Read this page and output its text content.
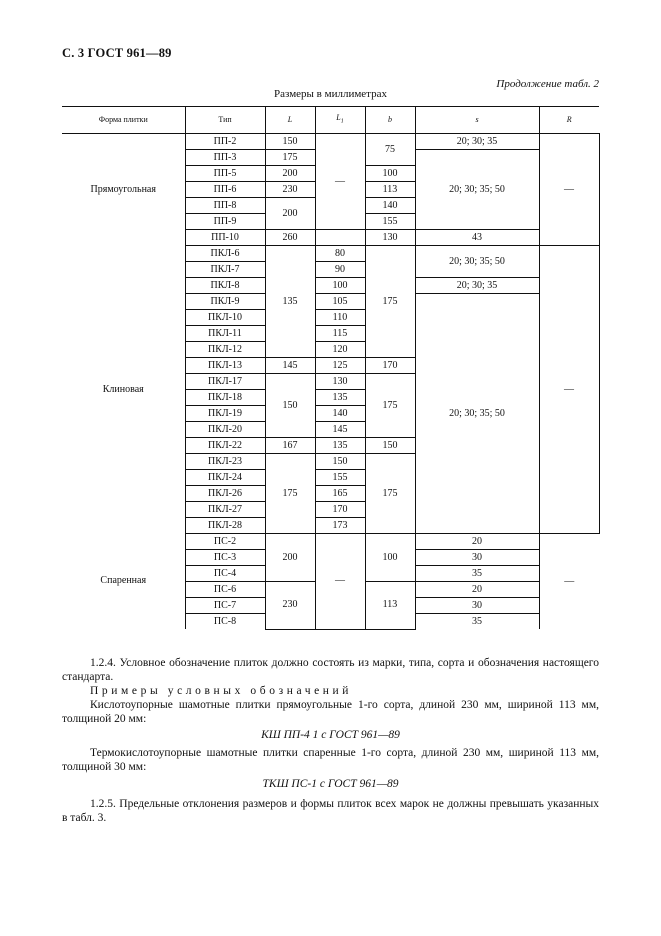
С. 3 ГОСТ 961—89
Продолжение табл. 2
Размеры в миллиметрах
Форма плитки	Тип	L	$L_1$	b	s	R
Прямоугольная	ПП-2	150	—	75	20; 30; 35	—
	ПП-3	175			20; 30; 35; 50	
	ПП-5	200		100		
	ПП-6	230		113		
	ПП-8	200		140		
	ПП-9			155		
	ПП-10	260		130	43	
Клиновая	ПКЛ-6	135	80	175	20; 30; 35; 50	—
	ПКЛ-7		90			
	ПКЛ-8		100		20; 30; 35	
	ПКЛ-9		105		20; 30; 35; 50	
	ПКЛ-10		110			
	ПКЛ-11		115			
	ПКЛ-12		120			
	ПКЛ-13	145	125	170		
	ПКЛ-17	150	130	175		
	ПКЛ-18		135			
	ПКЛ-19		140			
	ПКЛ-20		145			
	ПКЛ-22	167	135	150		
	ПКЛ-23	175	150	175		
	ПКЛ-24		155			
	ПКЛ-26		165			
	ПКЛ-27		170			
	ПКЛ-28		173			
Спаренная	ПС-2	200	—	100	20	—
	ПС-3				30	
	ПС-4				35	
	ПС-6	230		113	20	
	ПС-7				30	
	ПС-8				35	
1.2.4. Условное обозначение плиток должно состоять из марки, типа, сорта и обозначения настоящего стандарта.
Примеры условных обозначений
Кислотоупорные шамотные плитки прямоугольные 1-го сорта, длиной 230 мм, шириной 113 мм, толщиной 20 мм:
КШ ПП-4 1 с ГОСТ 961—89
Термокислотоупорные шамотные плитки спаренные 1-го сорта, длиной 230 мм, шириной 113 мм, толщиной 30 мм:
ТКШ ПС-1 с ГОСТ 961—89
1.2.5. Предельные отклонения размеров и формы плиток всех марок не должны превышать указанных в табл. 3.
